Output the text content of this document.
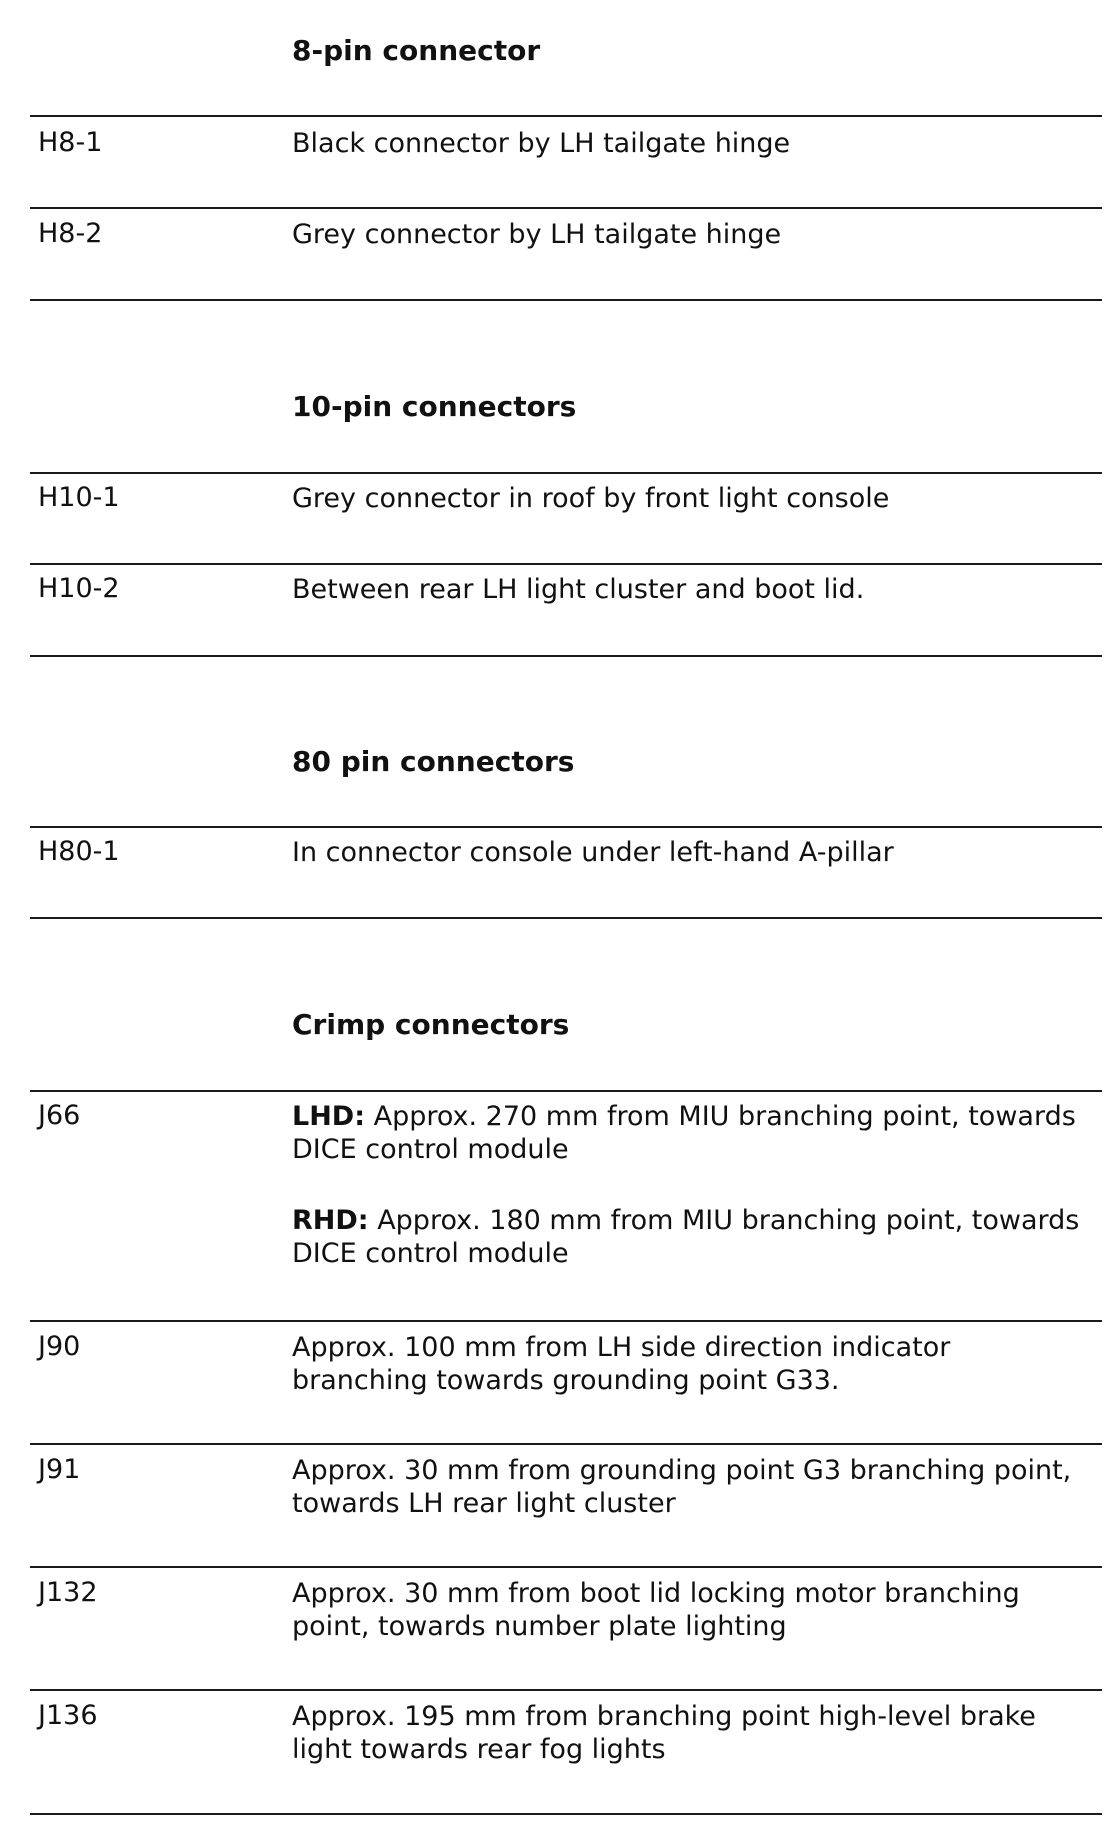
8-pin connector
H8-1	Black connector by LH tailgate hinge
H8-2	Grey connector by LH tailgate hinge
10-pin connectors
H10-1	Grey connector in roof by front light console
H10-2	Between rear LH light cluster and boot lid.
80 pin connectors
H80-1	In connector console under left-hand A-pillar
Crimp connectors
J66	LHD: Approx. 270 mm from MIU branching point, towards DICE control module

RHD: Approx. 180 mm from MIU branching point, towards DICE control module

J90	Approx. 100 mm from LH side direction indicator branching towards grounding point G33.
J91	Approx. 30 mm from grounding point G3 branching point, towards LH rear light cluster
J132	Approx. 30 mm from boot lid locking motor branching point, towards number plate lighting
J136	Approx. 195 mm from branching point high-level brake light towards rear fog lights
